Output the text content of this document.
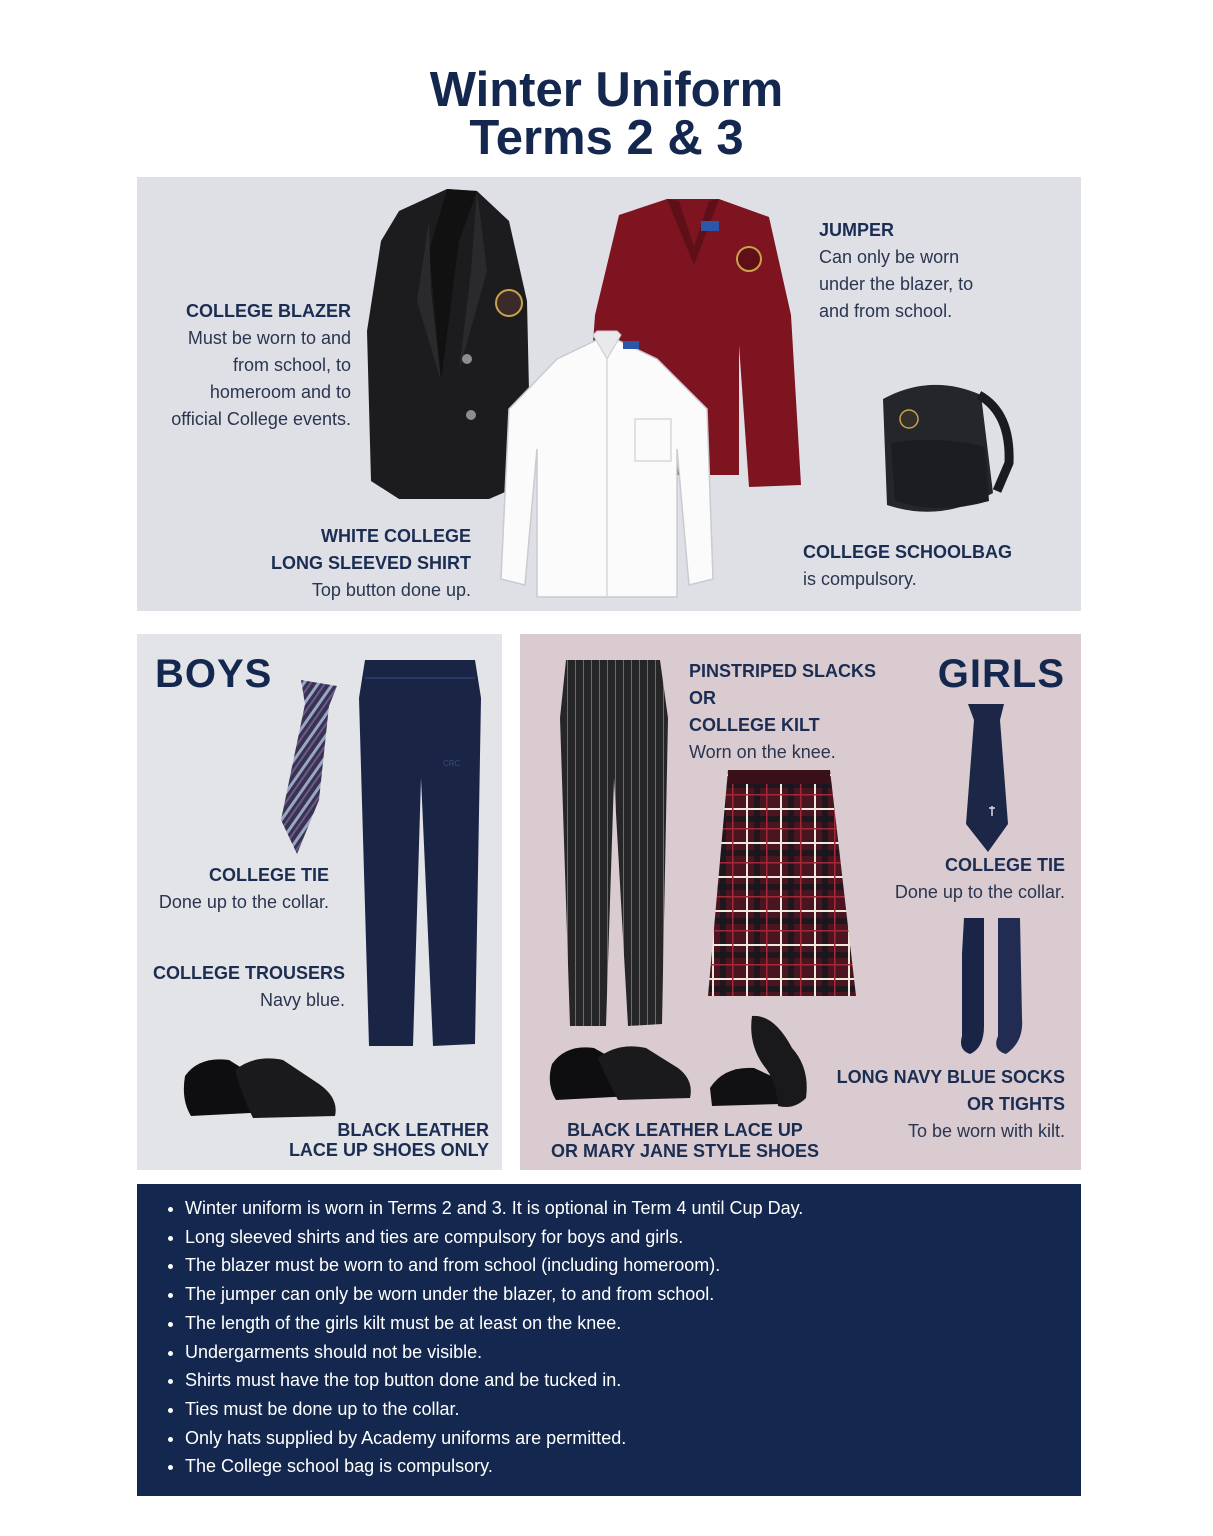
Winter Uniform
Terms 2 & 3
COLLEGE BLAZER
Must be worn to and
from school, to
homeroom and to
official College events.
JUMPER
Can only be worn
under the blazer, to
and from school.
WHITE COLLEGE
LONG SLEEVED SHIRT
Top button done up.
COLLEGE SCHOOLBAG
is compulsory.
BOYS
CRC
COLLEGE TIE
Done up to the collar.
COLLEGE TROUSERS
Navy blue.
BLACK LEATHER
LACE UP SHOES ONLY
GIRLS
PINSTRIPED SLACKS
OR
COLLEGE KILT
Worn on the knee.
COLLEGE TIE
Done up to the collar.
LONG NAVY BLUE SOCKS
OR TIGHTS
To be worn with kilt.
BLACK LEATHER LACE UP
OR MARY JANE STYLE SHOES
• Winter uniform is worn in Terms 2 and 3. It is optional in Term 4 until Cup Day.
• Long sleeved shirts and ties are compulsory for boys and girls.
• The blazer must be worn to and from school (including homeroom).
• The jumper can only be worn under the blazer, to and from school.
• The length of the girls kilt must be at least on the knee.
• Undergarments should not be visible.
• Shirts must have the top button done and be tucked in.
• Ties must be done up to the collar.
• Only hats supplied by Academy uniforms are permitted.
• The College school bag is compulsory.
